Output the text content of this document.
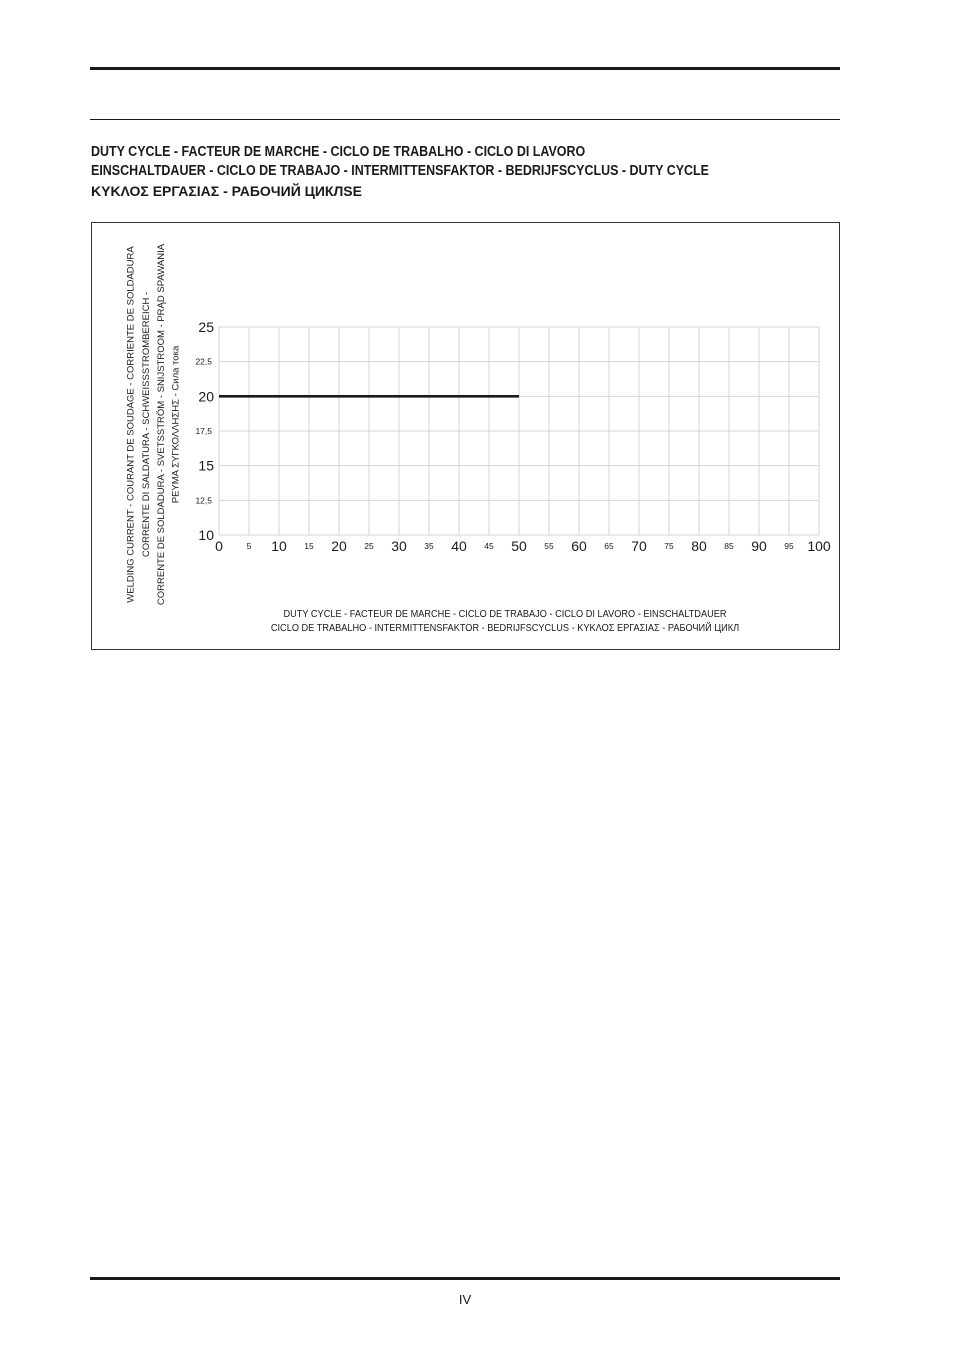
DUTY CYCLE - FACTEUR DE MARCHE - CICLO DE TRABALHO - CICLO DI LAVORO
EINSCHALTDAUER - CICLO DE TRABAJO - INTERMITTENSFAKTOR - BEDRIJFSCYCLUS - DUTY CYCLE
ΚΥΚΛΟΣ ΕΡΓΑΣΙΑΣ - РАБОЧИЙ ЦИКЛSE
WELDING CURRENT - COURANT DE SOUDAGE - CORRIENTE DE SOLDADURA CORRENTE DI SALDATURA - SCHWEISSSTROMBEREICH - CORRENTE DE SOLDADURA - SVETSSTRÖM - SNIJSTROOM - PRĄD SPAWANIA ΡΕΥΜΑ ΣΥΓΚΟΛΛΗΣΗΣ - Сила тока
DUTY CYCLE - FACTEUR DE MARCHE - CICLO DE TRABAJO - CICLO DI LAVORO - EINSCHALTDAUER
CICLO DE TRABALHO - INTERMITTENSFAKTOR - BEDRIJFSCYCLUS - ΚΥΚΛΟΣ ΕΡΓΑΣΙΑΣ - РАБОЧИЙ ЦИКЛ
0	10	20	30	40	50	60	70	80	90	100
5	15	25	35	45	55	65	75	85	95
10
15
20
25
12,5
17,5
22,5
IV
